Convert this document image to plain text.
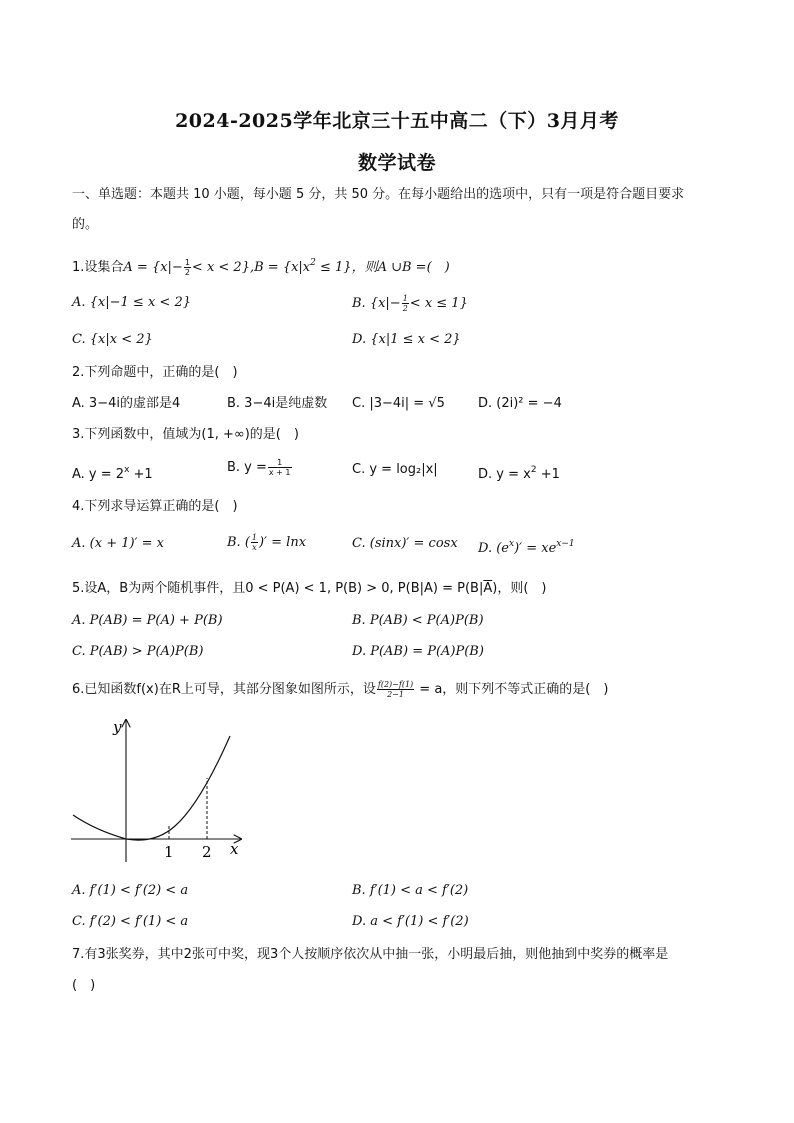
2024-2025学年北京三十五中高二（下）3月月考
数学试卷
一、单选题：本题共 10 小题，每小题 5 分，共 50 分。在每小题给出的选项中，只有一项是符合题目要求
的。
1.设集合$A = \{x|- \frac{1}{2} < x < 2\},B = \{x|x^2 \le 1\}$，则A ∪B =(　)
A. {x|−1 ≤ x < 2}	B. $\{x|- \frac{1}{2} < x \le 1\}$
C. {x|x < 2}	D. {x|1 ≤ x < 2}
2.下列命题中，正确的是(　)
A. 3−4i的虚部是4	B. 3−4i是纯虚数 C. |3−4i| = √5	D. (2i)² = −4
3.下列函数中，值域为(1, +∞)的是(　)
A. $y = 2^x +1$	B. $y = \frac{1}{x + 1}$	C. y = log₂|x|	D. $y = x^2 +1$
4.下列求导运算正确的是(　)
A. (x + 1)′ = x	B. ( $\frac{1}{x}$ )′ = lnx	C. (sinx)′ = cosx D. $(e^x)' = xe^{x-1}$
5.设A，B为两个随机事件，且0 < P(A) < 1, P(B) > 0, $P(B|A) = P(B|\overline{A})$，则(　)
A. P(AB) = P(A) + P(B)	B. P(AB) < P(A)P(B)
C. P(AB) > P(A)P(B)	D. P(AB) = P(A)P(B)
6.已知函数f(x)在R上可导，其部分图象如图所示，设 $\frac{f(2)-f(1)}{2-1} = a$，则下列不等式正确的是(　)
y
x
1 2
A. f′(1) < f′(2) < a	B. f′(1) < a < f′(2)
C. f′(2) < f′(1) < a	D. a < f′(1) < f′(2)
7.有3张奖券，其中2张可中奖，现3个人按顺序依次从中抽一张，小明最后抽，则他抽到中奖券的概率是
(　)
